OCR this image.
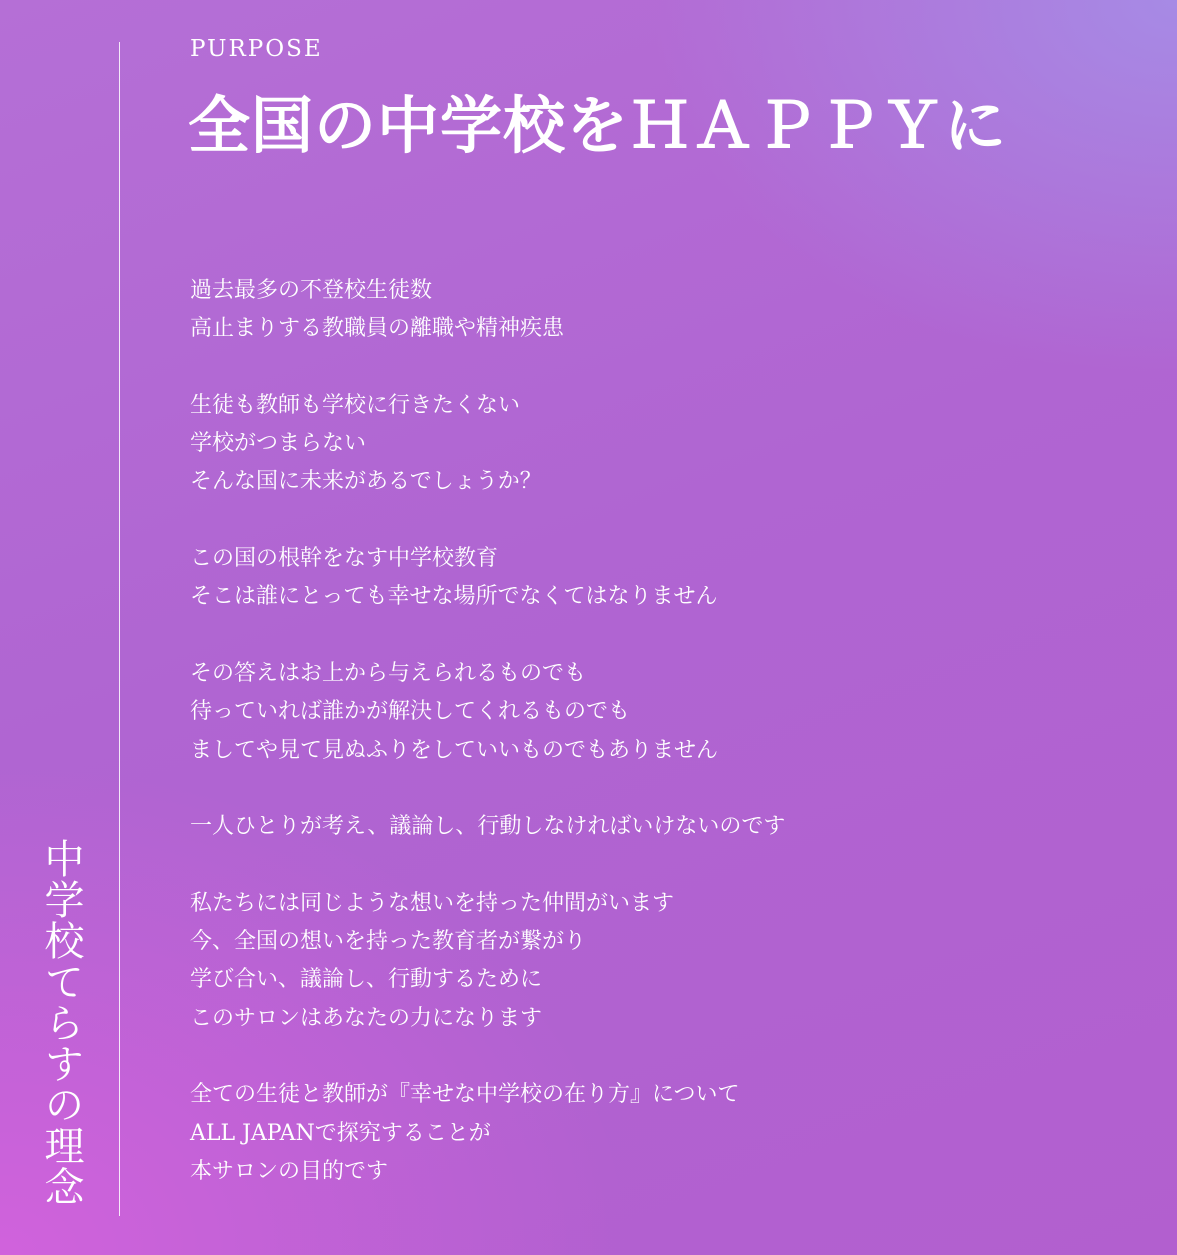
中学校てらすの理念
PURPOSE
全国の中学校をＨＡＰＰＹに

過去最多の不登校生徒数
高止まりする教職員の離職や精神疾患

生徒も教師も学校に行きたくない
学校がつまらない
そんな国に未来があるでしょうか？

この国の根幹をなす中学校教育
そこは誰にとっても幸せな場所でなくてはなりません

その答えはお上から与えられるものでも
待っていれば誰かが解決してくれるものでも
ましてや見て見ぬふりをしていいものでもありません

一人ひとりが考え、議論し、行動しなければいけないのです

私たちには同じような想いを持った仲間がいます
今、全国の想いを持った教育者が繋がり
学び合い、議論し、行動するために
このサロンはあなたの力になります

全ての生徒と教師が『幸せな中学校の在り方』について
ALL JAPANで探究することが
本サロンの目的です
